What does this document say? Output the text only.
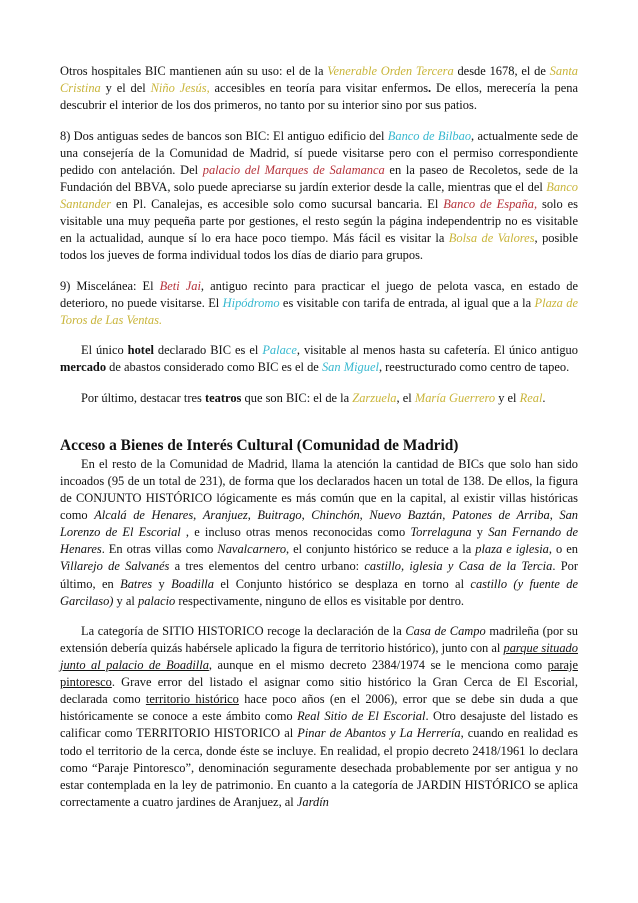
Otros hospitales BIC mantienen aún su uso: el de la Venerable Orden Tercera desde 1678, el de Santa Cristina y el del Niño Jesús, accesibles en teoría para visitar enfermos. De ellos, merecería la pena descubrir el interior de los dos primeros, no tanto por su interior sino por sus patios.

8) Dos antiguas sedes de bancos son BIC: El antiguo edificio del Banco de Bilbao, actualmente sede de una consejería de la Comunidad de Madrid, sí puede visitarse pero con el permiso correspondiente pedido con antelación. Del palacio del Marques de Salamanca en la paseo de Recoletos, sede de la Fundación del BBVA, solo puede apreciarse su jardín exterior desde la calle, mientras que el del Banco Santander en Pl. Canalejas, es accesible solo como sucursal bancaria. El Banco de España, solo es visitable una muy pequeña parte por gestiones, el resto según la página independentrip no es visitable en la actualidad, aunque sí lo era hace poco tiempo. Más fácil es visitar la Bolsa de Valores, posible todos los jueves de forma individual todos los días de diario para grupos.

9) Miscelánea: El Beti Jai, antiguo recinto para practicar el juego de pelota vasca, en estado de deterioro, no puede visitarse. El Hipódromo es visitable con tarifa de entrada, al igual que a la Plaza de Toros de Las Ventas.

El único hotel declarado BIC es el Palace, visitable al menos hasta su cafetería. El único antiguo mercado de abastos considerado como BIC es el de San Miguel, reestructurado como centro de tapeo.

Por último, destacar tres teatros que son BIC: el de la Zarzuela, el María Guerrero y el Real.

Acceso a Bienes de Interés Cultural (Comunidad de Madrid)

En el resto de la Comunidad de Madrid, llama la atención la cantidad de BICs que solo han sido incoados (95 de un total de 231), de forma que los declarados hacen un total de 138. De ellos, la figura de CONJUNTO HISTÓRICO lógicamente es más común que en la capital, al existir villas históricas como Alcalá de Henares, Aranjuez, Buitrago, Chinchón, Nuevo Baztán, Patones de Arriba, San Lorenzo de El Escorial , e incluso otras menos reconocidas como Torrelaguna y San Fernando de Henares. En otras villas como Navalcarnero, el conjunto histórico se reduce a la plaza e iglesia, o en Villarejo de Salvanés a tres elementos del centro urbano: castillo, iglesia y Casa de la Tercia. Por último, en Batres y Boadilla el Conjunto histórico se desplaza en torno al castillo (y fuente de Garcilaso) y al palacio respectivamente, ninguno de ellos es visitable por dentro.

La categoría de SITIO HISTORICO recoge la declaración de la Casa de Campo madrileña (por su extensión debería quizás habérsele aplicado la figura de territorio histórico), junto con al parque situado junto al palacio de Boadilla, aunque en el mismo decreto 2384/1974 se le menciona como paraje pintoresco. Grave error del listado el asignar como sitio histórico la Gran Cerca de El Escorial, declarada como territorio histórico hace poco años (en el 2006), error que se debe sin duda a que históricamente se conoce a este ámbito como Real Sitio de El Escorial. Otro desajuste del listado es calificar como TERRITORIO HISTORICO al Pinar de Abantos y La Herrería, cuando en realidad es todo el territorio de la cerca, donde éste se incluye. En realidad, el propio decreto 2418/1961 lo declara como “Paraje Pintoresco”, denominación seguramente desechada probablemente por ser antigua y no estar contemplada en la ley de patrimonio. En cuanto a la categoría de JARDIN HISTÓRICO se aplica correctamente a cuatro jardines de Aranjuez, al Jardín
